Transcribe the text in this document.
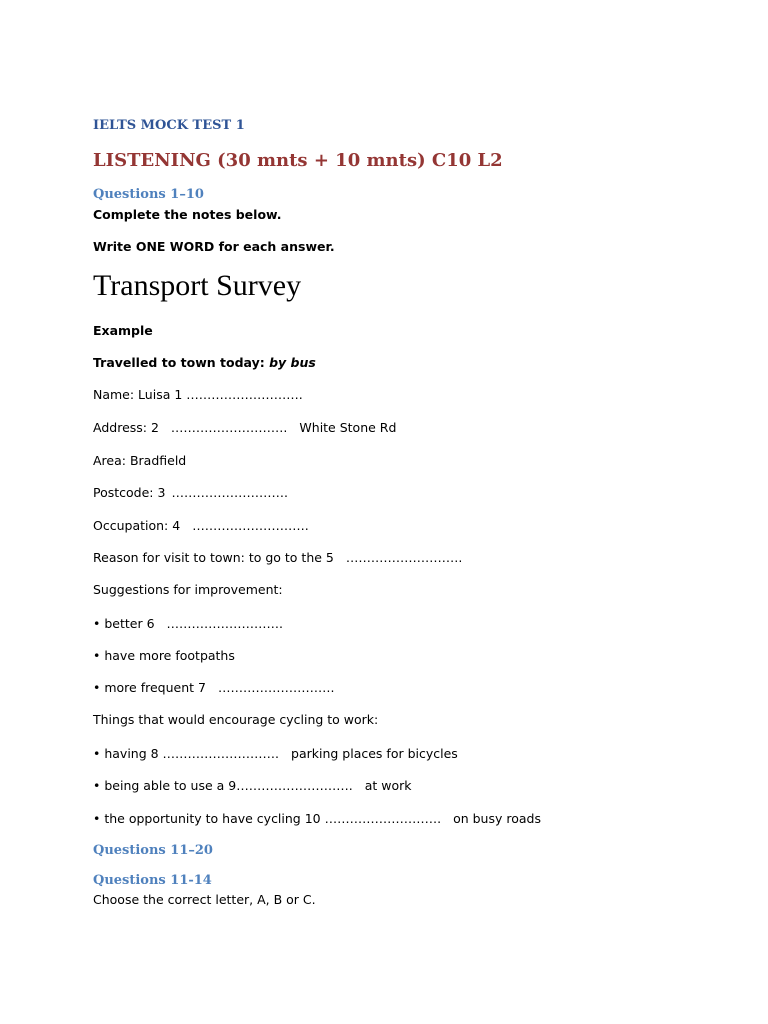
IELTS MOCK TEST 1
LISTENING (30 mnts + 10 mnts) C10 L2
Questions 1–10
Complete the notes below.
Write ONE WORD for each answer.
Transport Survey
Example
Travelled to town today: by bus
Name: Luisa 1 ……………………….
Address: 2 ………………………. White Stone Rd
Area: Bradfield
Postcode: 3 ……………………….
Occupation: 4 ……………………….
Reason for visit to town: to go to the 5 ……………………….
Suggestions for improvement:
• better 6 ……………………….
• have more footpaths
• more frequent 7 ……………………….
Things that would encourage cycling to work:
• having 8 ………………………. parking places for bicycles
• being able to use a 9………………………. at work
• the opportunity to have cycling 10 ………………………. on busy roads
Questions 11–20
Questions 11-14
Choose the correct letter, A, B or C.
